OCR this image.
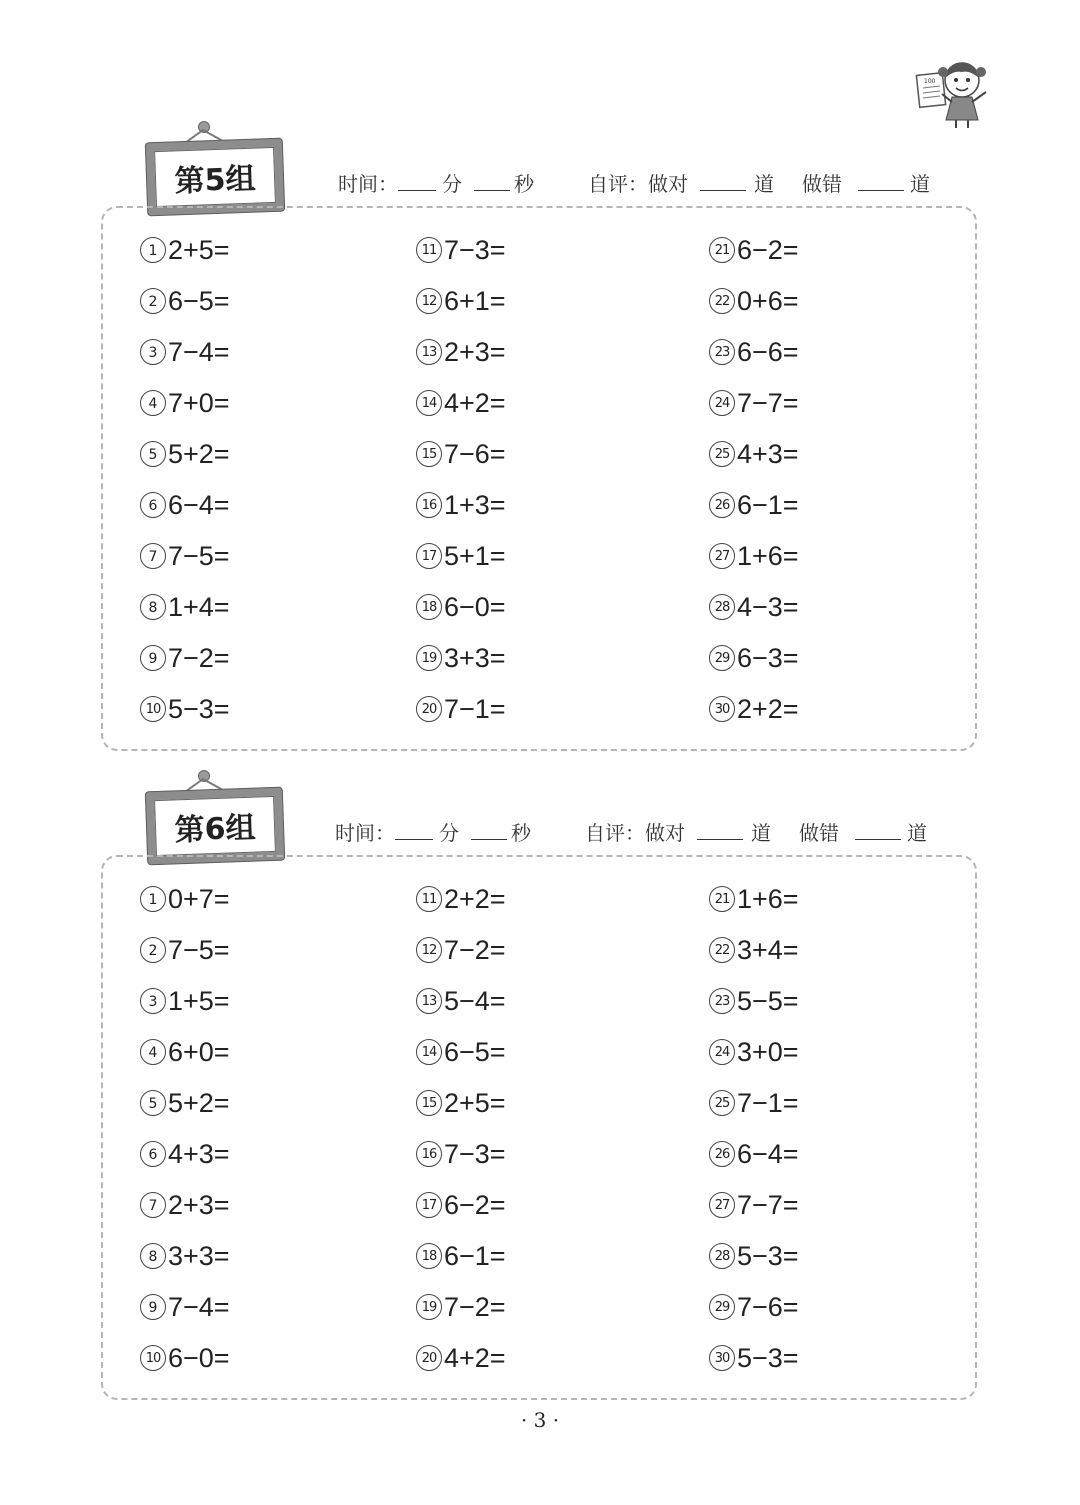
100
第5组	时间： 分	秒	自评：做对	道 做错	道
1 2+5=
2 6−5=
3 7−4=
4 7+0=
5 5+2=
6 6−4=
7 7−5=
8 1+4=
9 7−2=
10 5−3=
11 7−3=
12 6+1=
13 2+3=
14 4+2=
15 7−6=
16 1+3=
17 5+1=
18 6−0=
19 3+3=
20 7−1=
21 6−2=
22 0+6=
23 6−6=
24 7−7=
25 4+3=
26 6−1=
27 1+6=
28 4−3=
29 6−3=
30 2+2=
第6组	时间： 分	秒	自评：做对	道 做错	道
1 0+7=
2 7−5=
3 1+5=
4 6+0=
5 5+2=
6 4+3=
7 2+3=
8 3+3=
9 7−4=
10 6−0=
11 2+2=
12 7−2=
13 5−4=
14 6−5=
15 2+5=
16 7−3=
17 6−2=
18 6−1=
19 7−2=
20 4+2=
21 1+6=
22 3+4=
23 5−5=
24 3+0=
25 7−1=
26 6−4=
27 7−7=
28 5−3=
29 7−6=
30 5−3=
· 3 ·
